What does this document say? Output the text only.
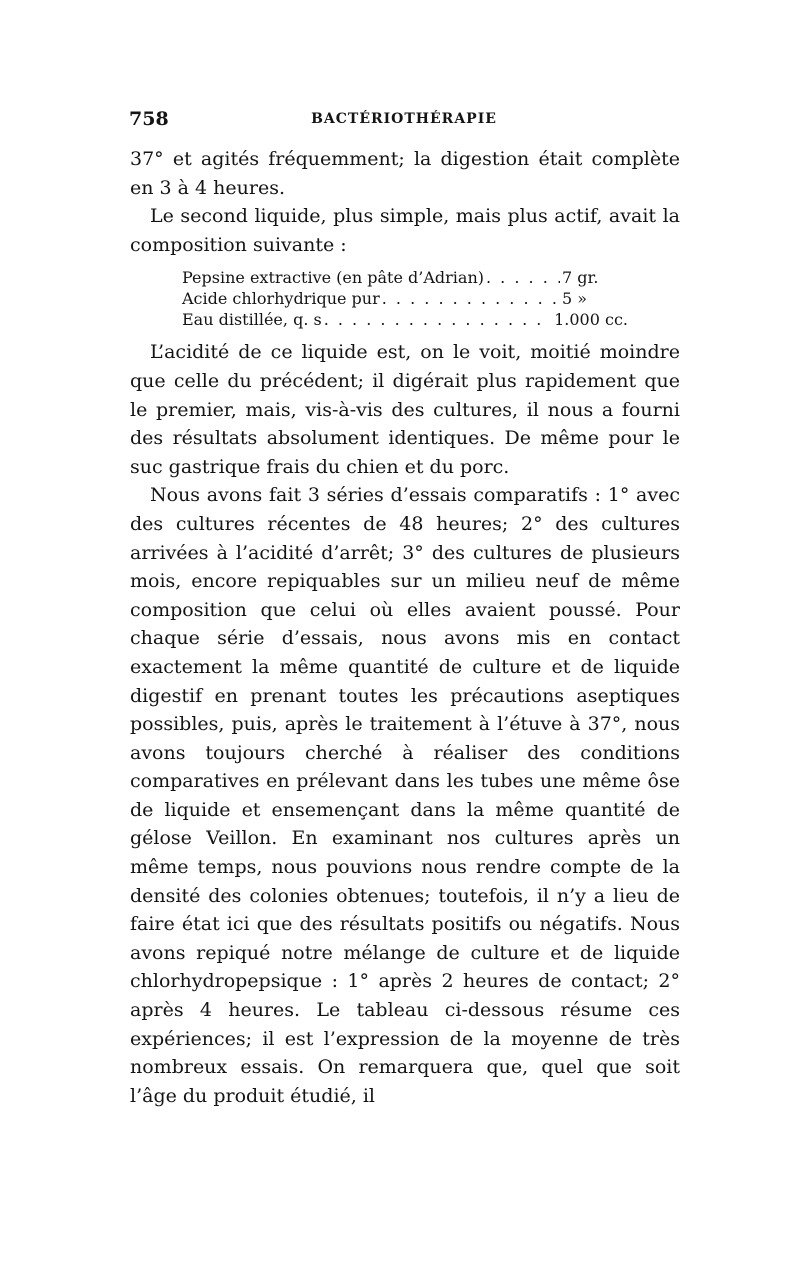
758	BACTÉRIOTHÉRAPIE

37° et agités fréquemment; la digestion était complète en 3 à 4 heures.

Le second liquide, plus simple, mais plus actif, avait la composition suivante :

Pepsine extractive (en pâte d’Adrian) . . .	7 gr.
Acide chlorhydrique pur . . .	5 »
Eau distillée, q. s . . .	1.000 cc.

L’acidité de ce liquide est, on le voit, moitié moindre que celle du précédent; il digérait plus rapidement que le premier, mais, vis-à-vis des cultures, il nous a fourni des résultats absolument identiques. De même pour le suc gastrique frais du chien et du porc.

Nous avons fait 3 séries d’essais comparatifs : 1° avec des cultures récentes de 48 heures; 2° des cultures arrivées à l’acidité d’arrêt; 3° des cultures de plusieurs mois, encore repiquables sur un milieu neuf de même composition que celui où elles avaient poussé. Pour chaque série d’essais, nous avons mis en contact exactement la même quantité de culture et de liquide digestif en prenant toutes les précautions aseptiques possibles, puis, après le traitement à l’étuve à 37°, nous avons toujours cherché à réaliser des conditions comparatives en prélevant dans les tubes une même ôse de liquide et ensemençant dans la même quantité de gélose Veillon. En examinant nos cultures après un même temps, nous pouvions nous rendre compte de la densité des colonies obtenues; toutefois, il n’y a lieu de faire état ici que des résultats positifs ou négatifs. Nous avons repiqué notre mélange de culture et de liquide chlorhydropepsique : 1° après 2 heures de contact; 2° après 4 heures. Le tableau ci-dessous résume ces expériences; il est l’expression de la moyenne de très nombreux essais. On remarquera que, quel que soit l’âge du produit étudié, il
